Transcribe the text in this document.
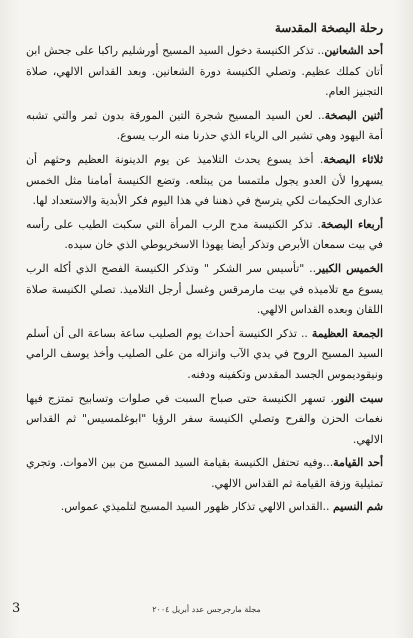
رحلة البصخة المقدسة

أحد الشعانين.. تذكر الكنيسة دخول السيد المسيح أورشليم راكبا على جحش ابن أتان كملك عظيم. وتصلي الكنيسة دورة الشعانين. وبعد القداس الالهي، صلاة التجنيز العام.

أثنين البصخة.. لعن السيد المسيح شجرة التين المورقة بدون ثمر والتي تشبه أمة اليهود وهي تشير الى الرياء الذي حذرنا منه الرب يسوع.

ثلاثاء البصخة. أخذ يسوع يحدث التلاميذ عن يوم الدينونة العظيم وحثهم أن يسهروا لأن العدو يجول ملتمسا من يبتلعه. وتضع الكنيسة أمامنا مثل الخمس عذارى الحكيمات لكي يترسخ في ذهننا في هذا اليوم فكر الأبدية والاستعداد لها.

أربعاء البصخة. تذكر الكنيسة مدح الرب المرأة التي سكبت الطيب على رأسه في بيت سمعان الأبرص وتذكر أيضا يهوذا الاسخريوطي الذي خان سيده.

الخميس الكبير.. "تأسيس سر الشكر " وتذكر الكنيسة الفصح الذي أكله الرب يسوع مع تلاميذه في بيت مارمرقس وغسل أرجل التلاميذ. تصلي الكنيسة صلاة اللقان وبعده القداس الالهي.

الجمعة العظيمة .. تذكر الكنيسة أحداث يوم الصليب ساعة بساعة الى أن أسلم السيد المسيح الروح في يدي الآب وانزاله من على الصليب وأخذ يوسف الرامي ونيقوديموس الجسد المقدس وتكفينه ودفنه.

سبت النور. تسهر الكنيسة حتى صباح السبت في صلوات وتسابيح تمتزج فيها نغمات الحزن والفرح وتصلي الكنيسة سفر الرؤيا "ابوغلمسيس" ثم القداس الالهي.

أحد القيامة...وفيه تحتفل الكنيسة بقيامة السيد المسيح من بين الاموات. وتجري تمثيلية وزفة القيامة ثم القداس الالهي.

شم النسيم ..القداس الالهي تذكار ظهور السيد المسيح لتلميذي عمواس.

مجلة مارجرجس عدد أبريل ٢٠٠٤
3
